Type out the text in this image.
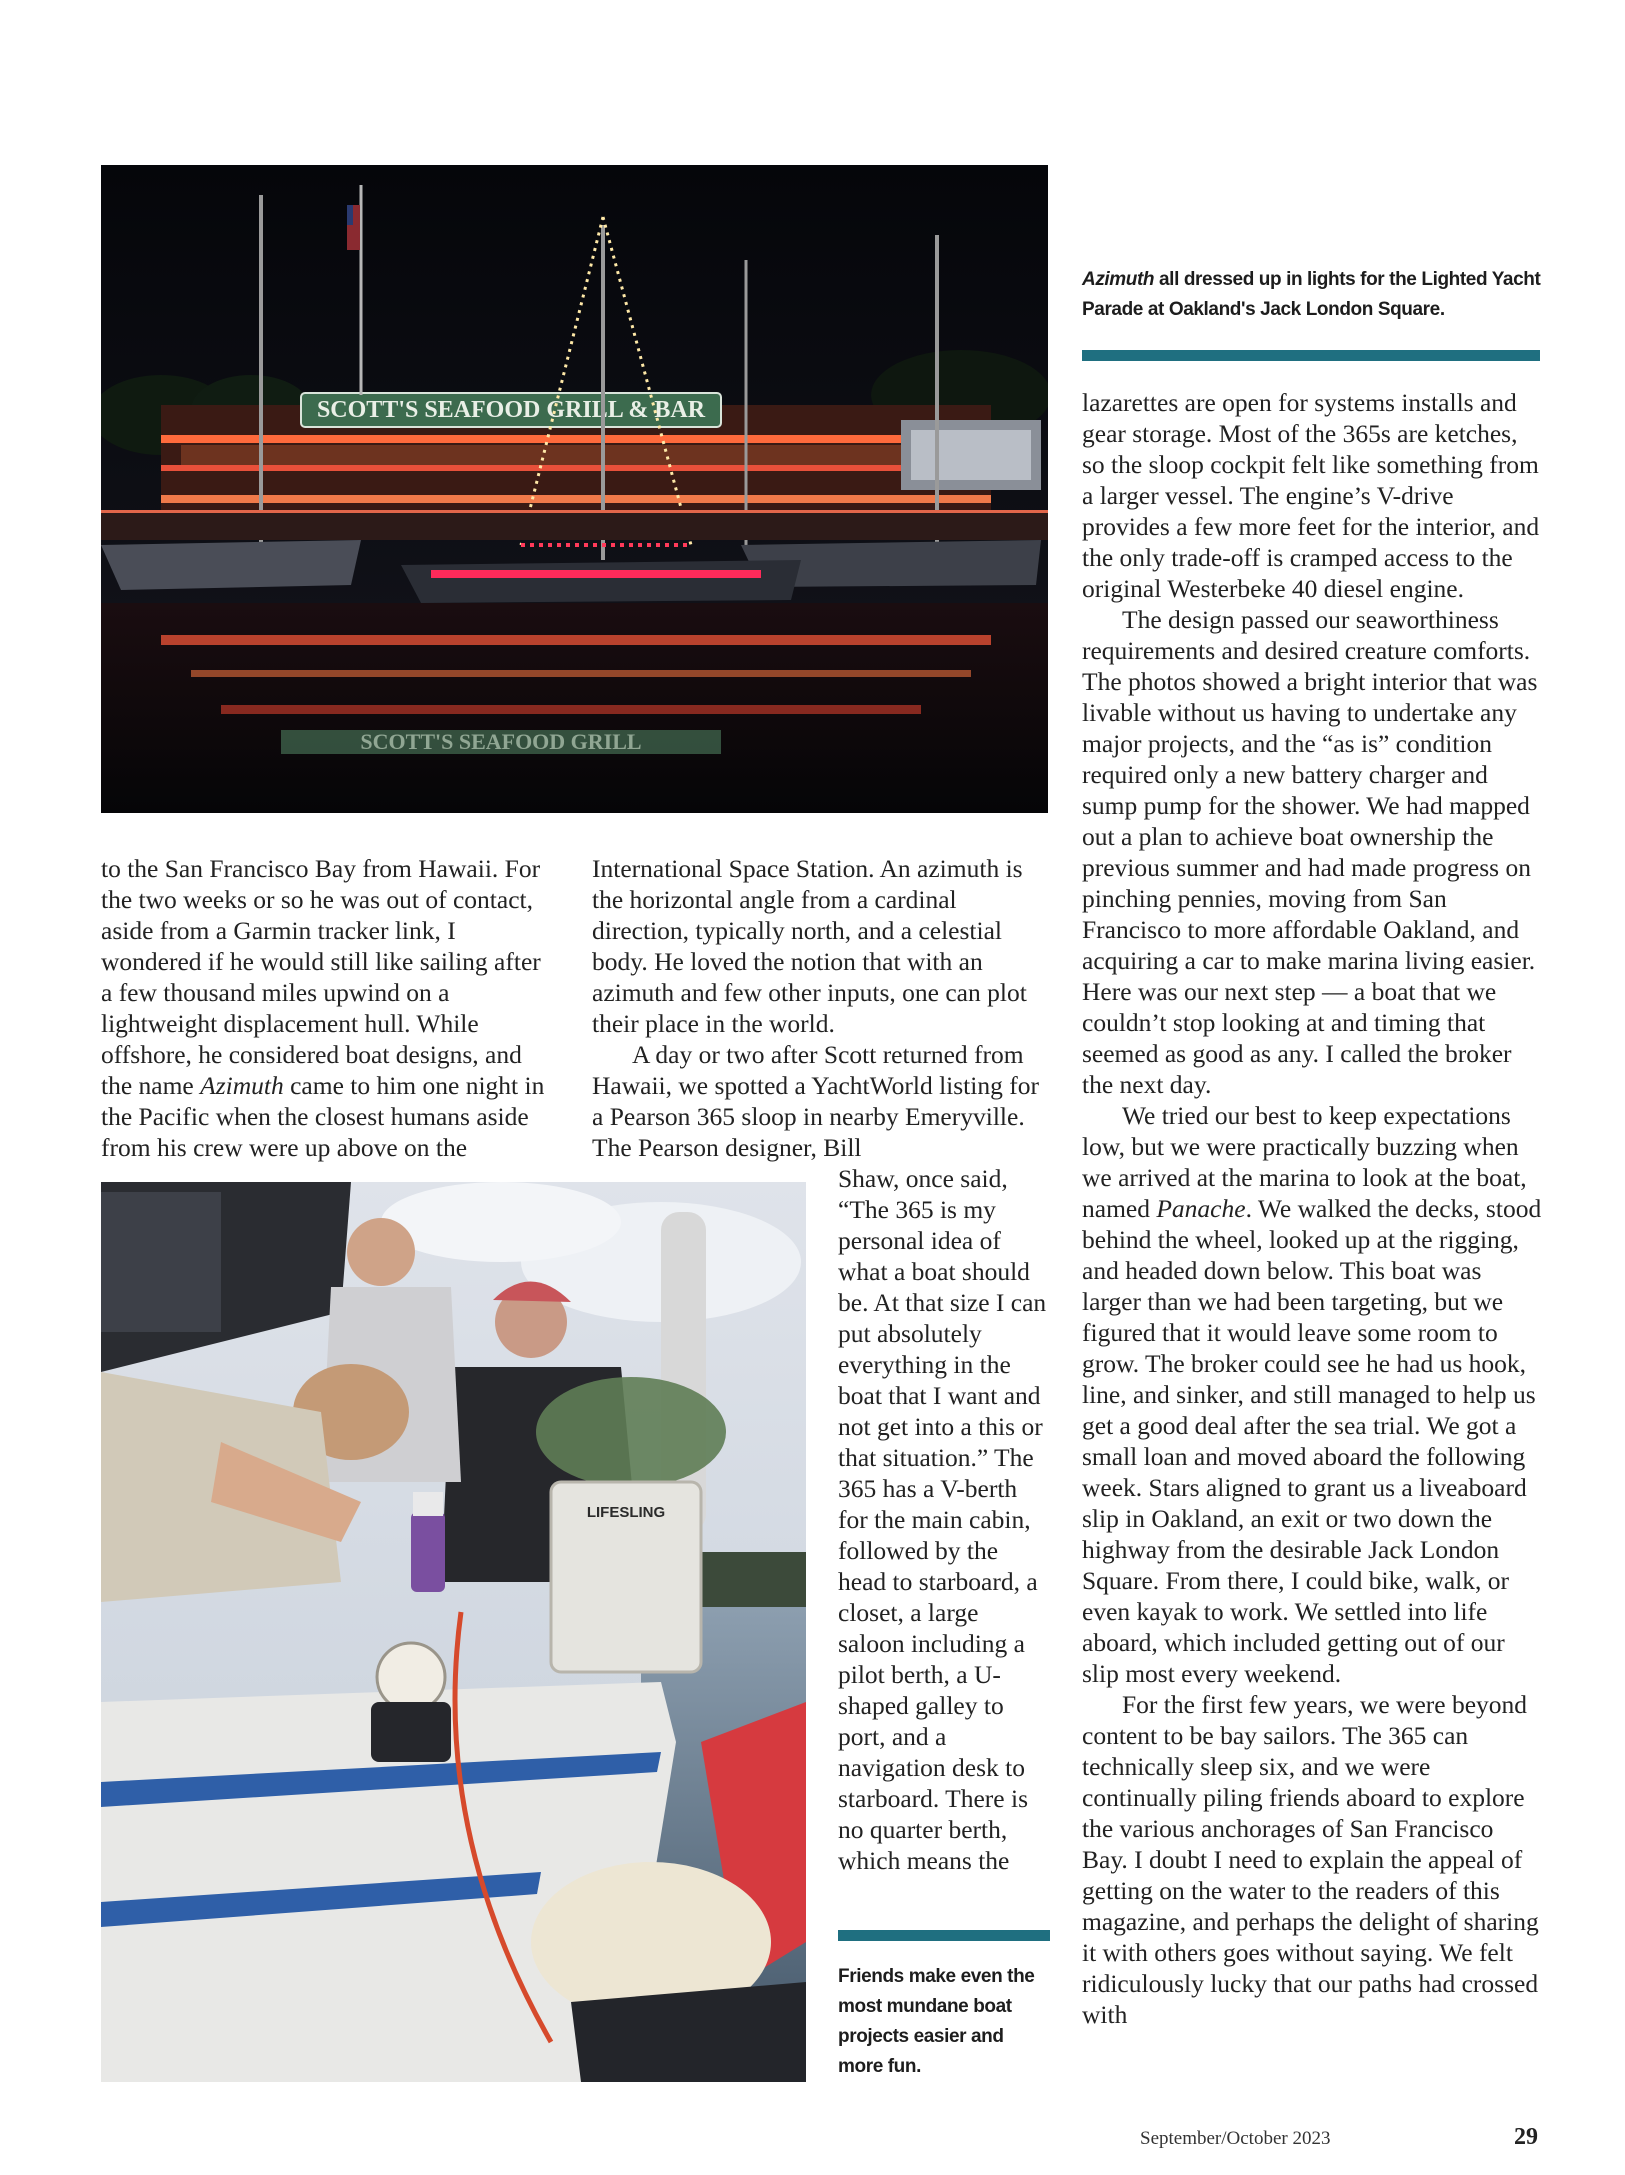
SCOTT'S SEAFOOD GRILL & BAR
SCOTT'S SEAFOOD GRILL
Azimuth all dressed up in lights for the Lighted Yacht Parade at Oakland's Jack London Square.

to the San Francisco Bay from Hawaii. For the two weeks or so he was out of contact, aside from a Garmin tracker link, I wondered if he would still like sailing after a few thousand miles upwind on a lightweight displacement hull. While offshore, he considered boat designs, and the name Azimuth came to him one night in the Pacific when the closest humans aside from his crew were up above on the

International Space Station. An azimuth is the horizontal angle from a cardinal direction, typically north, and a celestial body. He loved the notion that with an azimuth and few other inputs, one can plot their place in the world.

A day or two after Scott returned from Hawaii, we spotted a YachtWorld listing for a Pearson 365 sloop in nearby Emeryville. The Pearson designer, Bill

Shaw, once said, “The 365 is my personal idea of what a boat should be. At that size I can put absolutely everything in the boat that I want and not get into a this or that situation.” The 365 has a V-berth for the main cabin, followed by the head to starboard, a closet, a large saloon including a pilot berth, a U-shaped galley to port, and a navigation desk to starboard. There is no quarter berth, which means the

LIFESLING
Friends make even the most mundane boat projects easier and more fun.

lazarettes are open for systems installs and gear storage. Most of the 365s are ketches, so the sloop cockpit felt like something from a larger vessel. The engine’s V-drive provides a few more feet for the interior, and the only trade-off is cramped access to the original Westerbeke 40 diesel engine.

The design passed our seaworthiness requirements and desired creature comforts. The photos showed a bright interior that was livable without us having to undertake any major projects, and the “as is” condition required only a new battery charger and sump pump for the shower. We had mapped out a plan to achieve boat ownership the previous summer and had made progress on pinching pennies, moving from San Francisco to more affordable Oakland, and acquiring a car to make marina living easier. Here was our next step — a boat that we couldn’t stop looking at and timing that seemed as good as any. I called the broker the next day.

We tried our best to keep expectations low, but we were practically buzzing when we arrived at the marina to look at the boat, named Panache. We walked the decks, stood behind the wheel, looked up at the rigging, and headed down below. This boat was larger than we had been targeting, but we figured that it would leave some room to grow. The broker could see he had us hook, line, and sinker, and still managed to help us get a good deal after the sea trial. We got a small loan and moved aboard the following week. Stars aligned to grant us a liveaboard slip in Oakland, an exit or two down the highway from the desirable Jack London Square. From there, I could bike, walk, or even kayak to work. We settled into life aboard, which included getting out of our slip most every weekend.

For the first few years, we were beyond content to be bay sailors. The 365 can technically sleep six, and we were continually piling friends aboard to explore the various anchorages of San Francisco Bay. I doubt I need to explain the appeal of getting on the water to the readers of this magazine, and perhaps the delight of sharing it with others goes without saying. We felt ridiculously lucky that our paths had crossed with

September/October 2023	29
